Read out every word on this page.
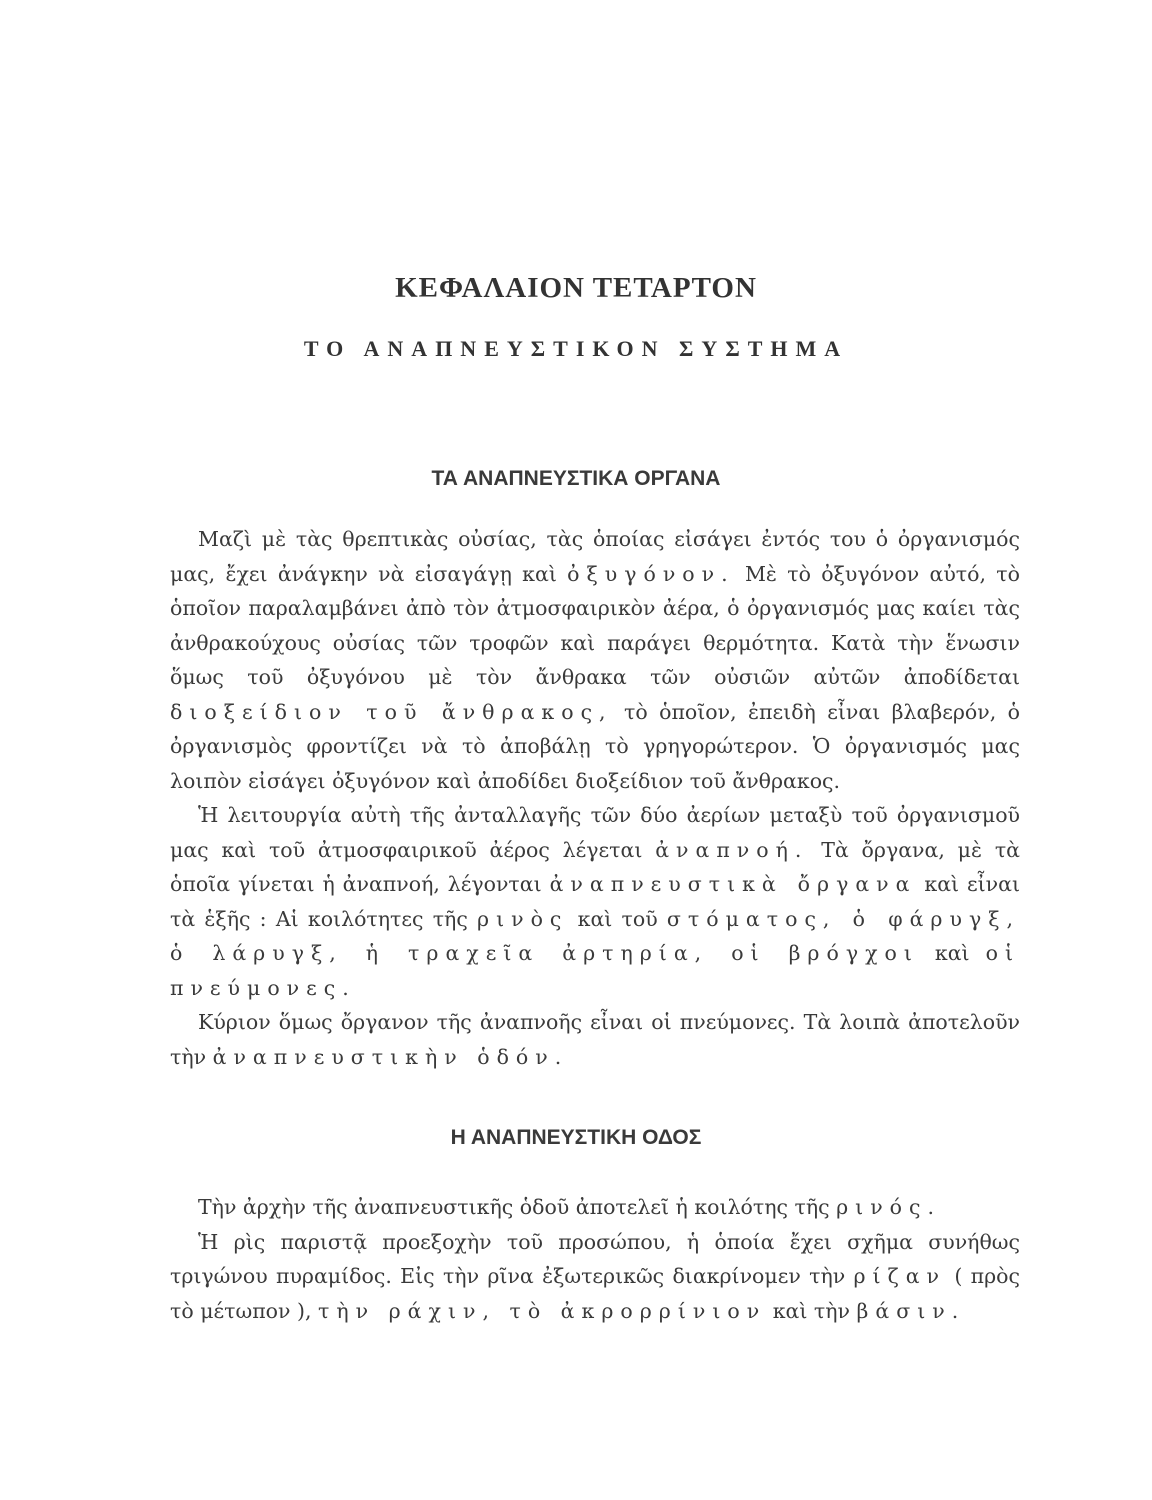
ΚΕΦΑΛΑΙΟΝ ΤΕΤΑΡΤΟΝ
ΤΟ ΑΝΑΠΝΕΥΣΤΙΚΟΝ ΣΥΣΤΗΜΑ
ΤΑ ΑΝΑΠΝΕΥΣΤΙΚΑ ΟΡΓΑΝΑ

Μαζὶ μὲ τὰς θρεπτικὰς οὐσίας, τὰς ὁποίας εἰσάγει ἐντός του ὁ ὀργανισμός μας, ἔχει ἀνάγκην νὰ εἰσαγάγῃ καὶ ὀξυγόνον. Μὲ τὸ ὀξυγόνον αὐτό, τὸ ὁποῖον παραλαμβάνει ἀπὸ τὸν ἀτμοσφαιρικὸν ἀέρα, ὁ ὀργανισμός μας καίει τὰς ἀνθρακούχους οὐσίας τῶν τροφῶν καὶ παράγει θερμότητα. Κατὰ τὴν ἕνωσιν ὅμως τοῦ ὀξυγόνου μὲ τὸν ἄνθρακα τῶν οὐσιῶν αὐτῶν ἀποδίδεται διοξείδιον τοῦ ἄνθρακος, τὸ ὁποῖον, ἐπειδὴ εἶναι βλαβερόν, ὁ ὀργανισμὸς φροντίζει νὰ τὸ ἀποβάλῃ τὸ γρηγορώτερον. Ὁ ὀργανισμός μας λοιπὸν εἰσάγει ὀξυγόνον καὶ ἀποδίδει διοξείδιον τοῦ ἄνθρακος.

Ἡ λειτουργία αὐτὴ τῆς ἀνταλλαγῆς τῶν δύο ἀερίων μεταξὺ τοῦ ὀργανισμοῦ μας καὶ τοῦ ἀτμοσφαιρικοῦ ἀέρος λέγεται ἀναπνοή. Τὰ ὄργανα, μὲ τὰ ὁποῖα γίνεται ἡ ἀναπνοή, λέγονται ἀναπνευστικὰ ὄργανα καὶ εἶναι τὰ ἑξῆς : Αἱ κοιλότητες τῆς ρινὸς καὶ τοῦ στόματος, ὁ φάρυγξ, ὁ λάρυγξ, ἡ τραχεῖα ἀρτηρία, οἱ βρόγχοι καὶ οἱ πνεύμονες.

Κύριον ὅμως ὄργανον τῆς ἀναπνοῆς εἶναι οἱ πνεύμονες. Τὰ λοιπὰ ἀποτελοῦν τὴν ἀναπνευστικὴν ὁδόν.

Η ΑΝΑΠΝΕΥΣΤΙΚΗ ΟΔΟΣ

Τὴν ἀρχὴν τῆς ἀναπνευστικῆς ὁδοῦ ἀποτελεῖ ἡ κοιλότης τῆς ρινός.

Ἡ ρὶς παριστᾷ προεξοχὴν τοῦ προσώπου, ἡ ὁποία ἔχει σχῆμα συνήθως τριγώνου πυραμίδος. Εἰς τὴν ρῖνα ἐξωτερικῶς διακρίνομεν τὴν ρίζαν ( πρὸς τὸ μέτωπον ), τὴν ράχιν, τὸ ἀκρορρίνιον καὶ τὴν βάσιν.
